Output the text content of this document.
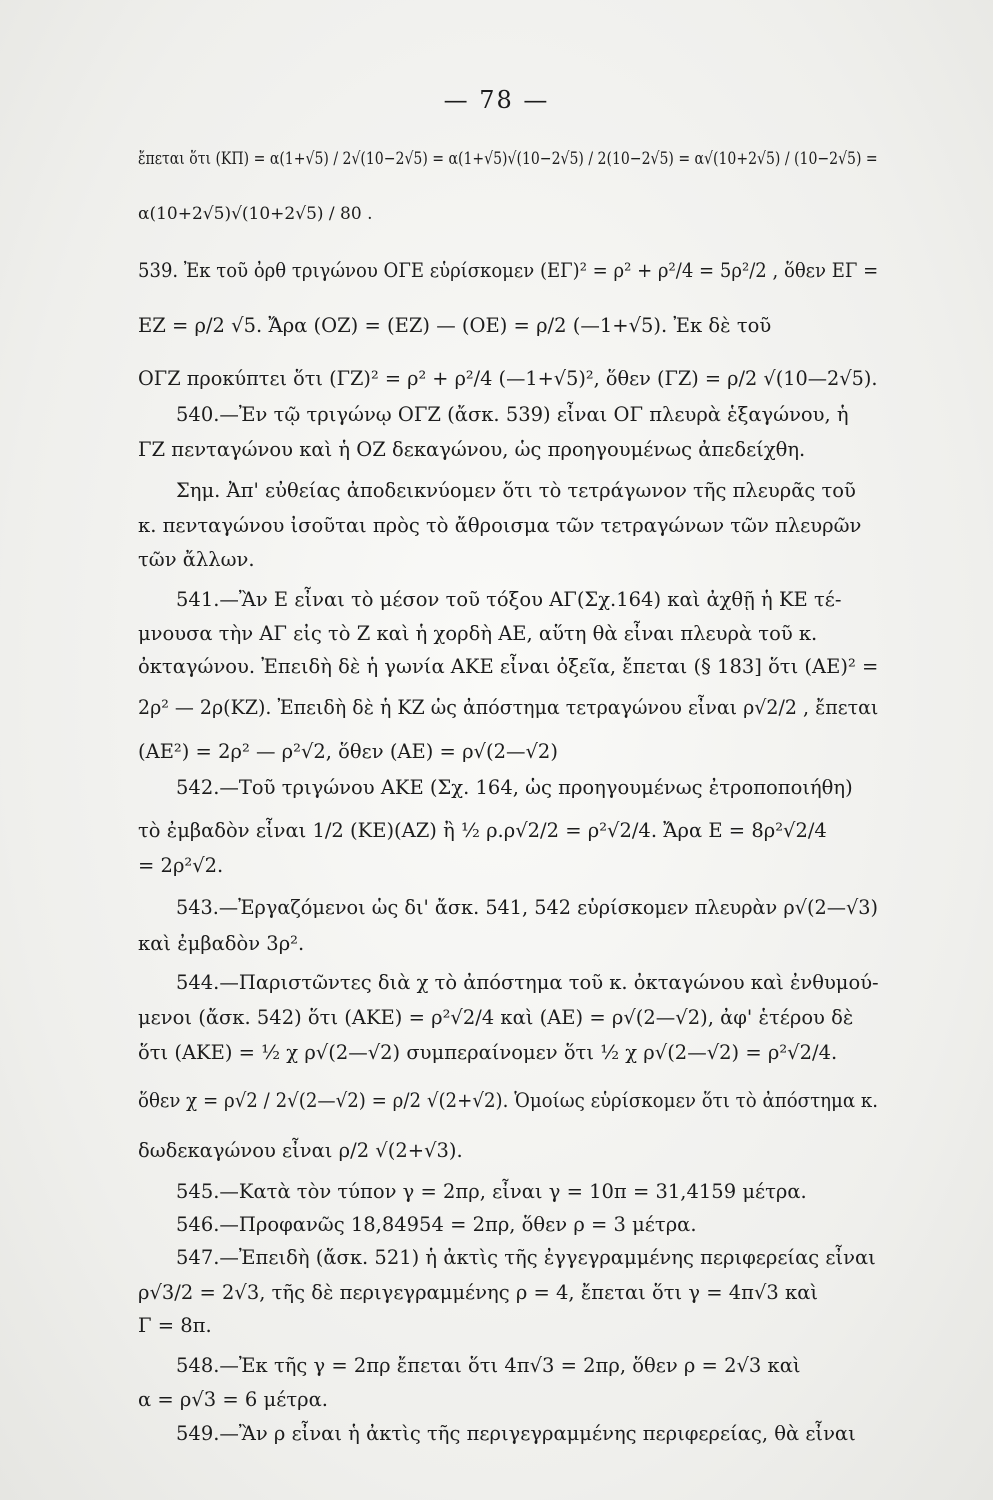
— 78 —
ἔπεται ὅτι (ΚΠ) = α(1+√5) / 2√(10−2√5) = α(1+√5)√(10−2√5) / 2(10−2√5) = α√(10+2√5) / (10−2√5) =
α(10+2√5)√(10+2√5) / 80 .
539. Ἐκ τοῦ ὀρθ τριγώνου ΟΓΕ εὑρίσκομεν (ΕΓ)² = ρ² + ρ²/4 = 5ρ²/2 , ὅθεν ΕΓ =
ΕΖ = ρ/2 √5. Ἄρα (ΟΖ) = (ΕΖ) — (ΟΕ) = ρ/2 (—1+√5). Ἐκ δὲ τοῦ
ΟΓΖ προκύπτει ὅτι (ΓΖ)² = ρ² + ρ²/4 (—1+√5)², ὅθεν (ΓΖ) = ρ/2 √(10—2√5).
540.—Ἐν τῷ τριγώνῳ ΟΓΖ (ἄσκ. 539) εἶναι ΟΓ πλευρὰ ἑξαγώνου, ἡ
ΓΖ πενταγώνου καὶ ἡ ΟΖ δεκαγώνου, ὡς προηγουμένως ἀπεδείχθη.
Σημ. Ἀπ' εὐθείας ἀποδεικνύομεν ὅτι τὸ τετράγωνον τῆς πλευρᾶς τοῦ
κ. πενταγώνου ἰσοῦται πρὸς τὸ ἄθροισμα τῶν τετραγώνων τῶν πλευρῶν
τῶν ἄλλων.
541.—Ἂν Ε εἶναι τὸ μέσον τοῦ τόξου ΑΓ(Σχ.164) καὶ ἀχθῇ ἡ ΚΕ τέ-
μνουσα τὴν ΑΓ εἰς τὸ Ζ καὶ ἡ χορδὴ ΑΕ, αὕτη θὰ εἶναι πλευρὰ τοῦ κ.
ὀκταγώνου. Ἐπειδὴ δὲ ἡ γωνία ΑΚΕ εἶναι ὀξεῖα, ἔπεται (§ 183] ὅτι (ΑΕ)² =
2ρ² — 2ρ(ΚΖ). Ἐπειδὴ δὲ ἡ ΚΖ ὡς ἀπόστημα τετραγώνου εἶναι ρ√2/2 , ἔπεται
(ΑΕ²) = 2ρ² — ρ²√2, ὅθεν (ΑΕ) = ρ√(2—√2)
542.—Τοῦ τριγώνου ΑΚΕ (Σχ. 164, ὡς προηγουμένως ἐτροποποιήθη)
τὸ ἐμβαδὸν εἶναι 1/2 (ΚΕ)(ΑΖ) ἢ ½ ρ.ρ√2/2 = ρ²√2/4. Ἄρα Ε = 8ρ²√2/4
= 2ρ²√2.
543.—Ἐργαζόμενοι ὡς δι' ἄσκ. 541, 542 εὑρίσκομεν πλευρὰν ρ√(2—√3)
καὶ ἐμβαδὸν 3ρ².
544.—Παριστῶντες διὰ χ τὸ ἀπόστημα τοῦ κ. ὀκταγώνου καὶ ἐνθυμού-
μενοι (ἄσκ. 542) ὅτι (ΑΚΕ) = ρ²√2/4 καὶ (ΑΕ) = ρ√(2—√2), ἀφ' ἑτέρου δὲ
ὅτι (ΑΚΕ) = ½ χ ρ√(2—√2) συμπεραίνομεν ὅτι ½ χ ρ√(2—√2) = ρ²√2/4.
ὅθεν χ = ρ√2 / 2√(2—√2) = ρ/2 √(2+√2). Ὁμοίως εὑρίσκομεν ὅτι τὸ ἀπόστημα κ.
δωδεκαγώνου εἶναι ρ/2 √(2+√3).
545.—Κατὰ τὸν τύπον γ = 2πρ, εἶναι γ = 10π = 31,4159 μέτρα.
546.—Προφανῶς 18,84954 = 2πρ, ὅθεν ρ = 3 μέτρα.
547.—Ἐπειδὴ (ἄσκ. 521) ἡ ἀκτὶς τῆς ἐγγεγραμμένης περιφερείας εἶναι
ρ√3/2 = 2√3, τῆς δὲ περιγεγραμμένης ρ = 4, ἔπεται ὅτι γ = 4π√3 καὶ
Γ = 8π.
548.—Ἐκ τῆς γ = 2πρ ἔπεται ὅτι 4π√3 = 2πρ, ὅθεν ρ = 2√3 καὶ
α = ρ√3 = 6 μέτρα.
549.—Ἂν ρ εἶναι ἡ ἀκτὶς τῆς περιγεγραμμένης περιφερείας, θὰ εἶναι
